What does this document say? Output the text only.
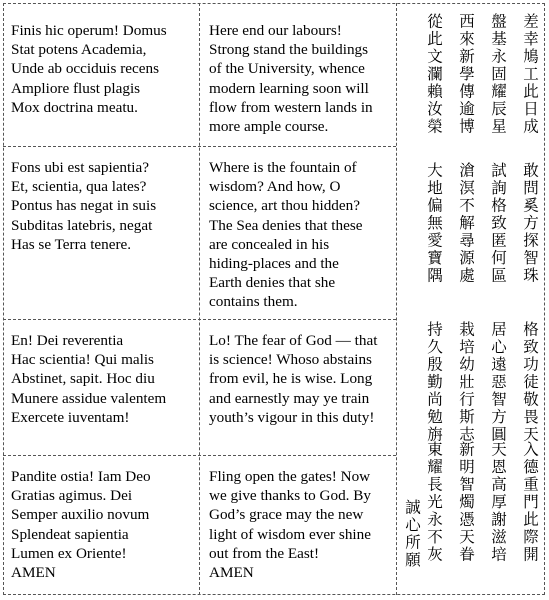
Finis hic operum! Domus
Stat potens Academia,
Unde ab occiduis recens
Ampliore flust plagis
Mox doctrina meatu.

Here end our labours!
Strong stand the buildings
of the University, whence
modern learning soon will
flow from western lands in
more ample course.	差幸鳩工此日成
盤基永固耀辰星
西來新學傳逾博
從此文瀾賴汝榮

Fons ubi est sapientia?
Et, scientia, qua lates?
Pontus has negat in suis
Subditas latebris, negat
Has se Terra tenere.

Where is the fountain of
wisdom? And how, O
science, art thou hidden?
The Sea denies that these
are concealed in his
hiding-places and the
Earth denies that she
contains them.

敢問奚方探智珠
試詢格致匿何區
滄溟不解尋源處
大地偏無愛寶隅

En! Dei reverentia
Hac scientia! Qui malis
Abstinet, sapit. Hoc diu
Munere assidue valentem
Exercete iuventam!

Lo! The fear of God — that
is science! Whoso abstains
from evil, he is wise. Long
and earnestly may ye train
youth’s vigour in this duty!	格致功徒敬畏天
居心遠惡智方圓
栽培幼壯行斯志
持久殷勤尚勉旃

Pandite ostia! Iam Deo
Gratias agimus. Dei
Semper auxilio novum
Splendeat sapientia
Lumen ex Oriente!
AMEN

Fling open the gates! Now
we give thanks to God. By
God’s grace may the new
light of wisdom ever shine
out from the East!
AMEN

入德重門此際開
天恩高厚謝滋培
新明智燭憑天眷
東耀長光永不灰
誠心所願
